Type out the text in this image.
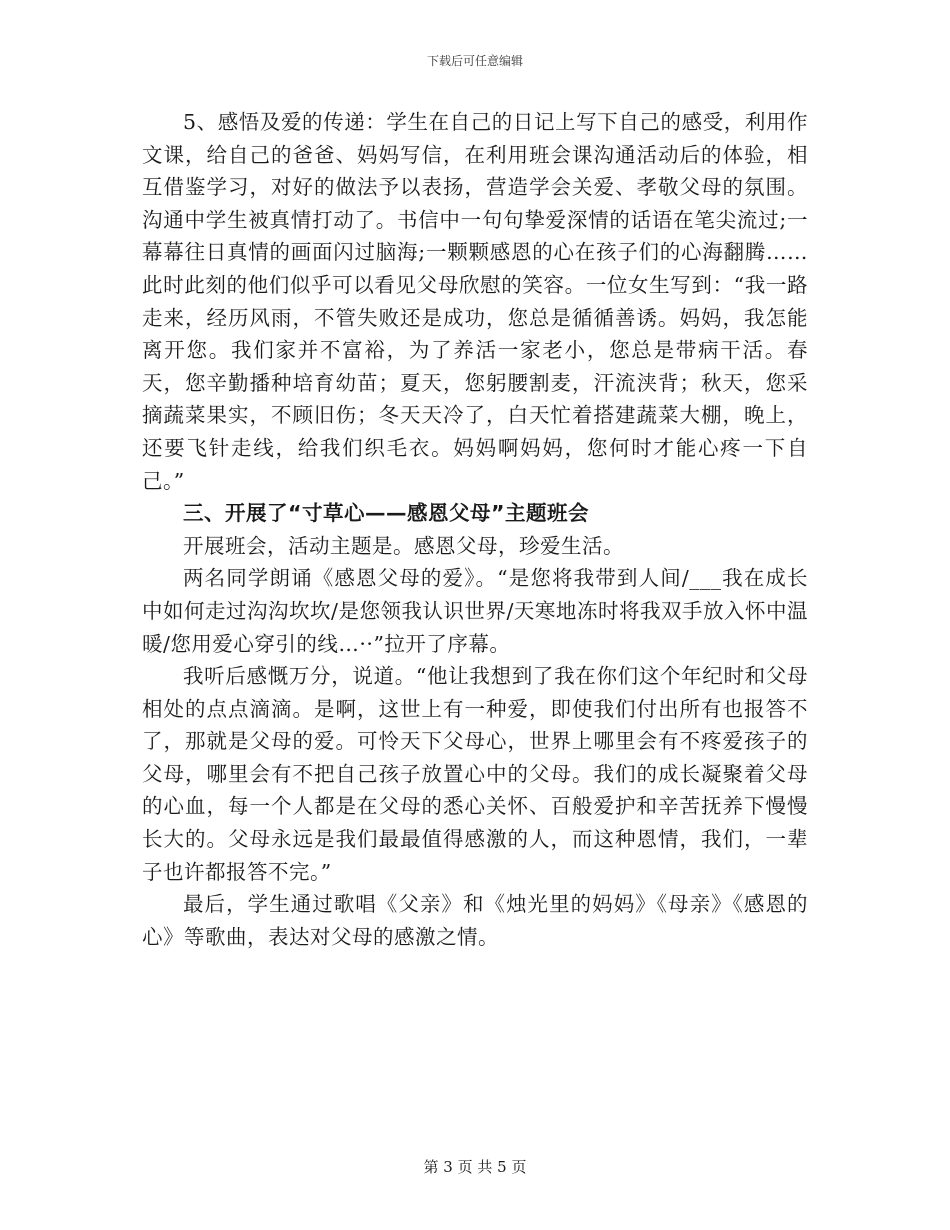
下载后可任意编辑

5、感悟及爱的传递：学生在自己的日记上写下自己的感受，利用作文课，给自己的爸爸、妈妈写信，在利用班会课沟通活动后的体验，相互借鉴学习，对好的做法予以表扬，营造学会关爱、孝敬父母的氛围。沟通中学生被真情打动了。书信中一句句挚爱深情的话语在笔尖流过;一幕幕往日真情的画面闪过脑海;一颗颗感恩的心在孩子们的心海翻腾……此时此刻的他们似乎可以看见父母欣慰的笑容。一位女生写到：“我一路走来，经历风雨，不管失败还是成功，您总是循循善诱。妈妈，我怎能离开您。我们家并不富裕，为了养活一家老小，您总是带病干活。春天，您辛勤播种培育幼苗；夏天，您躬腰割麦，汗流浃背；秋天，您采摘蔬菜果实，不顾旧伤；冬天天冷了，白天忙着搭建蔬菜大棚，晚上，还要飞针走线，给我们织毛衣。妈妈啊妈妈，您何时才能心疼一下自己。”

三、开展了“寸草心——感恩父母”主题班会

开展班会，活动主题是。感恩父母，珍爱生活。

两名同学朗诵《感恩父母的爱》。“是您将我带到人间/___我在成长中如何走过沟沟坎坎/是您领我认识世界/天寒地冻时将我双手放入怀中温暖/您用爱心穿引的线…··”拉开了序幕。

我听后感慨万分，说道。“他让我想到了我在你们这个年纪时和父母相处的点点滴滴。是啊，这世上有一种爱，即使我们付出所有也报答不了，那就是父母的爱。可怜天下父母心，世界上哪里会有不疼爱孩子的父母，哪里会有不把自己孩子放置心中的父母。我们的成长凝聚着父母的心血，每一个人都是在父母的悉心关怀、百般爱护和辛苦抚养下慢慢长大的。父母永远是我们最最值得感激的人，而这种恩情，我们，一辈子也许都报答不完。”

最后，学生通过歌唱《父亲》和《烛光里的妈妈》《母亲》《感恩的心》等歌曲，表达对父母的感激之情。

第 3 页 共 5 页
